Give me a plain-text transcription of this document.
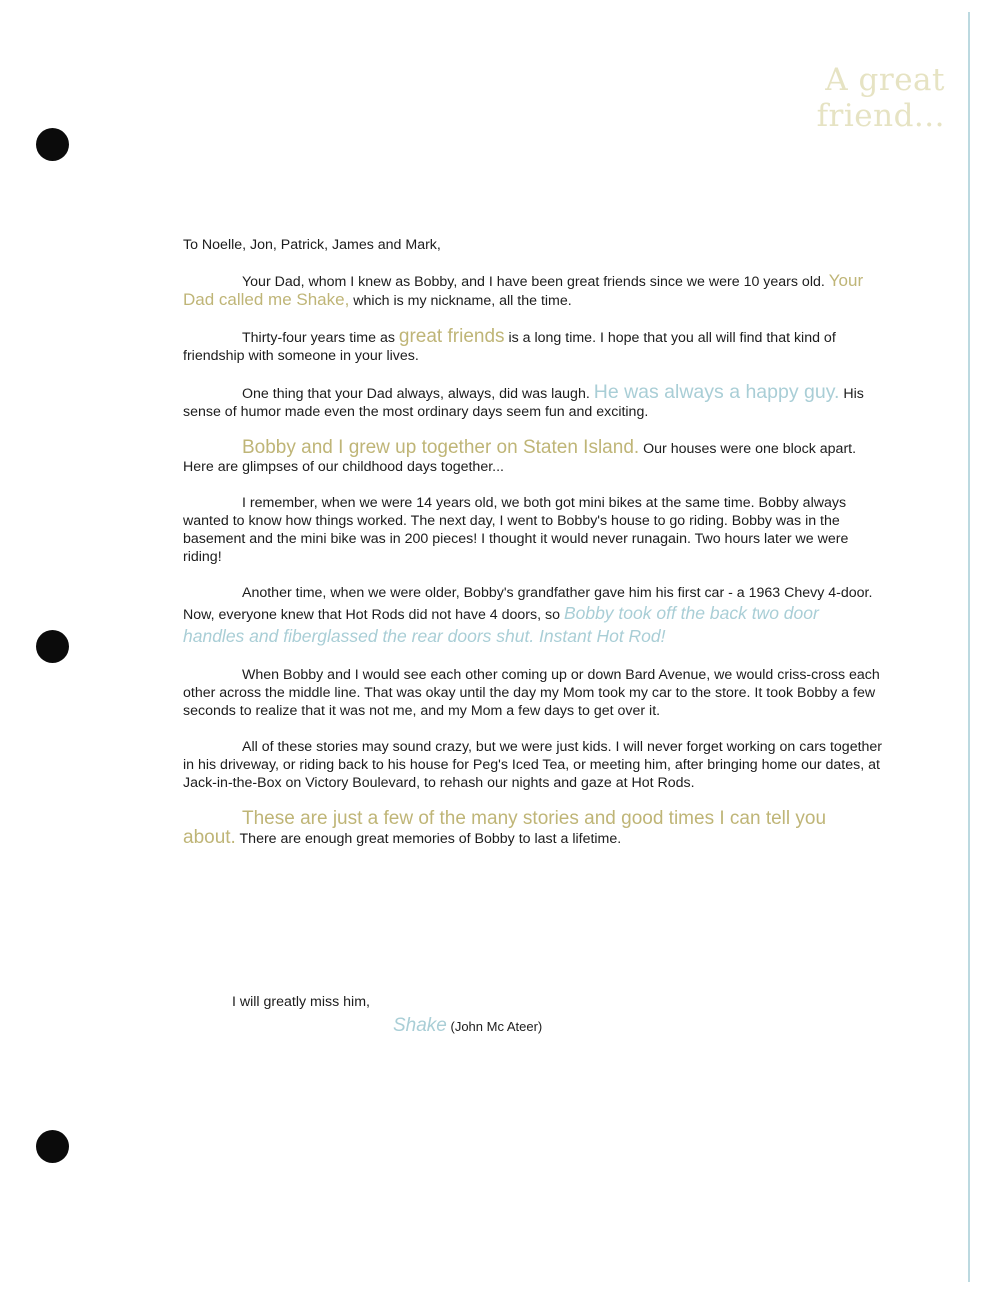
A great friend...

To Noelle, Jon, Patrick, James and Mark,

Your Dad, whom I knew as Bobby, and I have been great friends since we were 10 years old. Your Dad called me Shake, which is my nickname, all the time.

Thirty-four years time as great friends is a long time. I hope that you all will find that kind of friendship with someone in your lives.

One thing that your Dad always, always, did was laugh. He was always a happy guy. His sense of humor made even the most ordinary days seem fun and exciting.

Bobby and I grew up together on Staten Island. Our houses were one block apart. Here are glimpses of our childhood days together...

I remember, when we were 14 years old, we both got mini bikes at the same time. Bobby always wanted to know how things worked. The next day, I went to Bobby's house to go riding. Bobby was in the basement and the mini bike was in 200 pieces! I thought it would never runagain. Two hours later we were riding!

Another time, when we were older, Bobby's grandfather gave him his first car - a 1963 Chevy 4-door. Now, everyone knew that Hot Rods did not have 4 doors, so Bobby took off the back two door handles and fiberglassed the rear doors shut. Instant Hot Rod!

When Bobby and I would see each other coming up or down Bard Avenue, we would criss-cross each other across the middle line. That was okay until the day my Mom took my car to the store. It took Bobby a few seconds to realize that it was not me, and my Mom a few days to get over it.

All of these stories may sound crazy, but we were just kids. I will never forget working on cars together in his driveway, or riding back to his house for Peg's Iced Tea, or meeting him, after bringing home our dates, at Jack-in-the-Box on Victory Boulevard, to rehash our nights and gaze at Hot Rods.

These are just a few of the many stories and good times I can tell you about. There are enough great memories of Bobby to last a lifetime.

I will greatly miss him,
Shake (John Mc Ateer)
